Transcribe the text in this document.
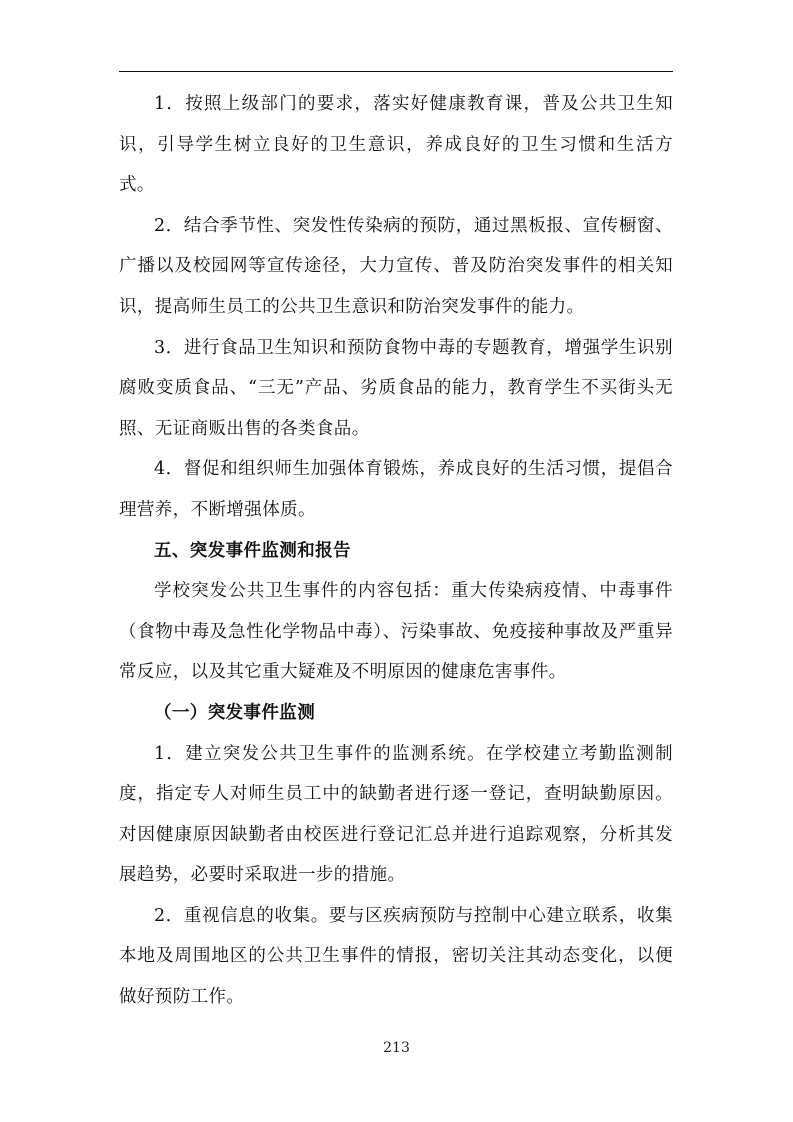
1．按照上级部门的要求，落实好健康教育课，普及公共卫生知识，引导学生树立良好的卫生意识，养成良好的卫生习惯和生活方式。

2．结合季节性、突发性传染病的预防，通过黑板报、宣传橱窗、广播以及校园网等宣传途径，大力宣传、普及防治突发事件的相关知识，提高师生员工的公共卫生意识和防治突发事件的能力。

3．进行食品卫生知识和预防食物中毒的专题教育，增强学生识别腐败变质食品、“三无”产品、劣质食品的能力，教育学生不买街头无照、无证商贩出售的各类食品。

4．督促和组织师生加强体育锻炼，养成良好的生活习惯，提倡合理营养，不断增强体质。

五、突发事件监测和报告

学校突发公共卫生事件的内容包括：重大传染病疫情、中毒事件（食物中毒及急性化学物品中毒）、污染事故、免疫接种事故及严重异常反应，以及其它重大疑难及不明原因的健康危害事件。

（一）突发事件监测

1．建立突发公共卫生事件的监测系统。在学校建立考勤监测制度，指定专人对师生员工中的缺勤者进行逐一登记，查明缺勤原因。对因健康原因缺勤者由校医进行登记汇总并进行追踪观察，分析其发展趋势，必要时采取进一步的措施。

2．重视信息的收集。要与区疾病预防与控制中心建立联系，收集本地及周围地区的公共卫生事件的情报，密切关注其动态变化，以便做好预防工作。

213
